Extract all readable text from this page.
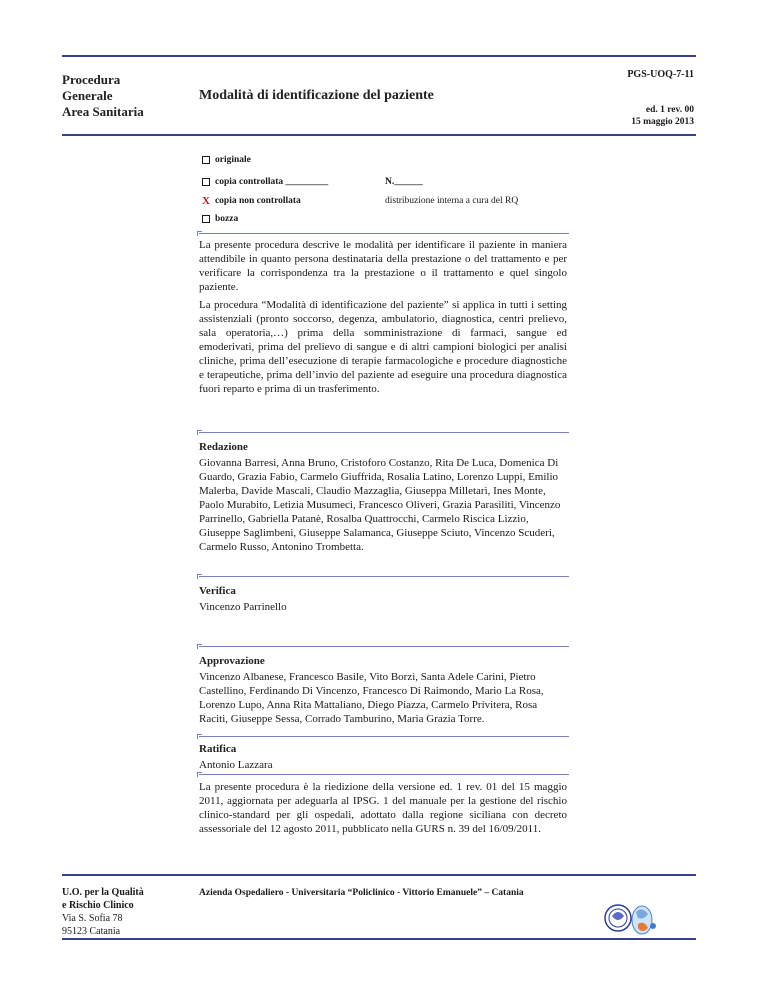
Procedura
Generale
Area Sanitaria
Modalità di identificazione del paziente
PGS-UOQ-7-11
ed. 1 rev. 00
15 maggio 2013
originale
copia controllata _________	N.______
X copia non controllata	distribuzione interna a cura del RQ
bozza

La presente procedura descrive le modalità per identificare il paziente in maniera attendibile in quanto persona destinataria della prestazione o del trattamento e per verificare la corrispondenza tra la prestazione o il trattamento e quel singolo paziente.

La procedura “Modalità di identificazione del paziente” si applica in tutti i setting assistenziali (pronto soccorso, degenza, ambulatorio, diagnostica, centri prelievo, sala operatoria,…) prima della somministrazione di farmaci, sangue ed emoderivati, prima del prelievo di sangue e di altri campioni biologici per analisi cliniche, prima dell’esecuzione di terapie farmacologiche e procedure diagnostiche e terapeutiche, prima dell’invio del paziente ad eseguire una procedura diagnostica fuori reparto e prima di un trasferimento.

Redazione
Giovanna Barresi, Anna Bruno, Cristoforo Costanzo, Rita De Luca, Domenica Di Guardo, Grazia Fabio, Carmelo Giuffrida, Rosalia Latino, Lorenzo Luppi, Emilio Malerba, Davide Mascali, Claudio Mazzaglia, Giuseppa Milletarì, Ines Monte, Paolo Murabito, Letizia Musumeci, Francesco Oliveri, Grazia Parasiliti, Vincenzo Parrinello, Gabriella Patanè, Rosalba Quattrocchi, Carmelo Riscica Lizzio, Giuseppe Saglimbeni, Giuseppe Salamanca, Giuseppe Sciuto, Vincenzo Scuderi, Carmelo Russo, Antonino Trombetta.
Verifica
Vincenzo Parrinello
Approvazione
Vincenzo Albanese, Francesco Basile, Vito Borzì, Santa Adele Carini, Pietro Castellino, Ferdinando Di Vincenzo, Francesco Di Raimondo, Mario La Rosa, Lorenzo Lupo, Anna Rita Mattaliano, Diego Piazza, Carmelo Privitera, Rosa Raciti, Giuseppe Sessa, Corrado Tamburino, Maria Grazia Torre.
Ratifica
Antonio Lazzara

La presente procedura è la riedizione della versione ed. 1 rev. 01 del 15 maggio 2011, aggiornata per adeguarla al IPSG. 1 del manuale per la gestione del rischio clinico-standard per gli ospedali, adottato dalla regione siciliana con decreto assessoriale del 12 agosto 2011, pubblicato nella GURS n. 39 del 16/09/2011.

U.O. per la Qualità
e Rischio Clinico
Via S. Sofia 78
95123 Catania
Azienda Ospedaliero - Universitaria “Policlinico - Vittorio Emanuele” – Catania
